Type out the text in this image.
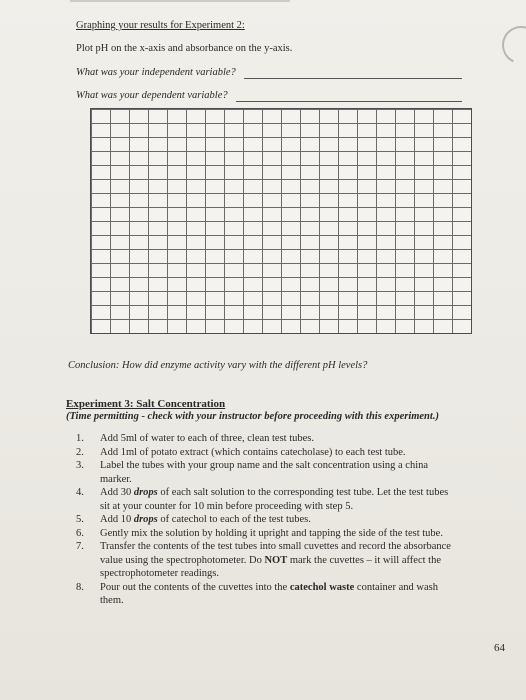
Graphing your results for Experiment 2:
Plot pH on the x-axis and absorbance on the y-axis.
What was your independent variable?
What was your dependent variable?
Conclusion: How did enzyme activity vary with the different pH levels?
Experiment 3: Salt Concentration
(Time permitting - check with your instructor before proceeding with this experiment.)
1.	Add 5ml of water to each of three, clean test tubes.
2.	Add 1ml of potato extract (which contains catecholase) to each test tube.
3.	Label the tubes with your group name and the salt concentration using a china
marker.
4.	Add 30 drops of each salt solution to the corresponding test tube. Let the test tubes
sit at your counter for 10 min before proceeding with step 5.
5.	Add 10 drops of catechol to each of the test tubes.
6.	Gently mix the solution by holding it upright and tapping the side of the test tube.
7.	Transfer the contents of the test tubes into small cuvettes and record the absorbance
value using the spectrophotometer. Do NOT mark the cuvettes – it will affect the
spectrophotometer readings.
8.	Pour out the contents of the cuvettes into the catechol waste container and wash
them.
64
